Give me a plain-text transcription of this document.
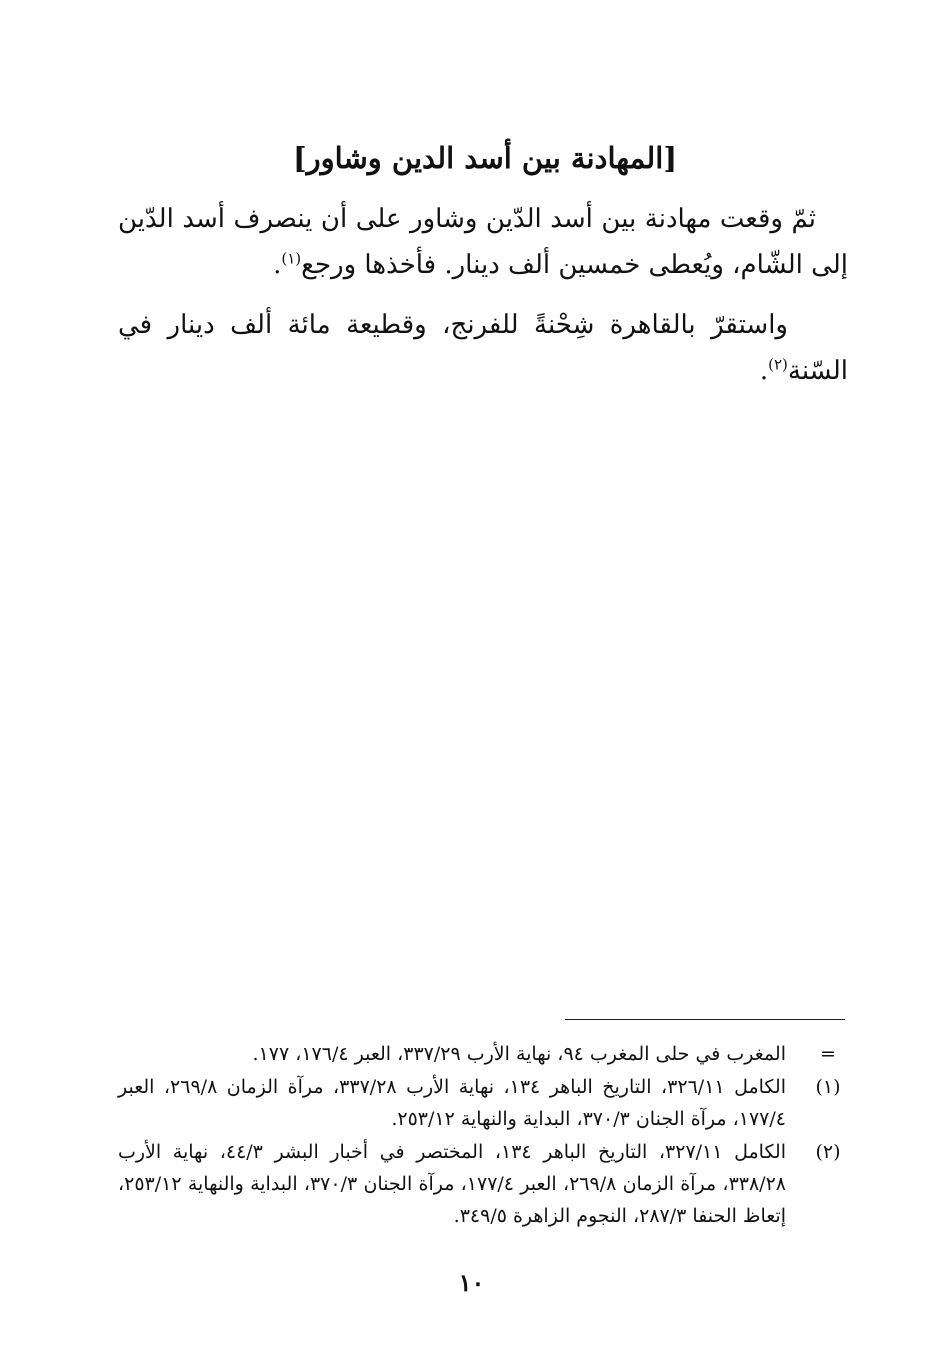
[المهادنة بين أسد الدين وشاور]

ثمّ وقعت مهادنة بين أسد الدّين وشاور على أن ينصرف أسد الدّين إلى الشّام، ويُعطى خمسين ألف دينار. فأخذها ورجع$^{(١)}$.

واستقرّ بالقاهرة شِحْنةً للفرنج، وقطيعة مائة ألف دينار في السّنة$^{(٢)}$.

=
المغرب في حلى المغرب ٩٤، نهاية الأرب ٣٣٧/٢٩، العبر ١٧٦/٤، ١٧٧.
(١)
الكامل ٣٢٦/١١، التاريخ الباهر ١٣٤، نهاية الأرب ٣٣٧/٢٨، مرآة الزمان ٢٦٩/٨، العبر ١٧٧/٤، مرآة الجنان ٣٧٠/٣، البداية والنهاية ٢٥٣/١٢.
(٢)
الكامل ٣٢٧/١١، التاريخ الباهر ١٣٤، المختصر في أخبار البشر ٤٤/٣، نهاية الأرب ٣٣٨/٢٨، مرآة الزمان ٢٦٩/٨، العبر ١٧٧/٤، مرآة الجنان ٣٧٠/٣، البداية والنهاية ٢٥٣/١٢، إتعاظ الحنفا ٢٨٧/٣، النجوم الزاهرة ٣٤٩/٥.
١٠
